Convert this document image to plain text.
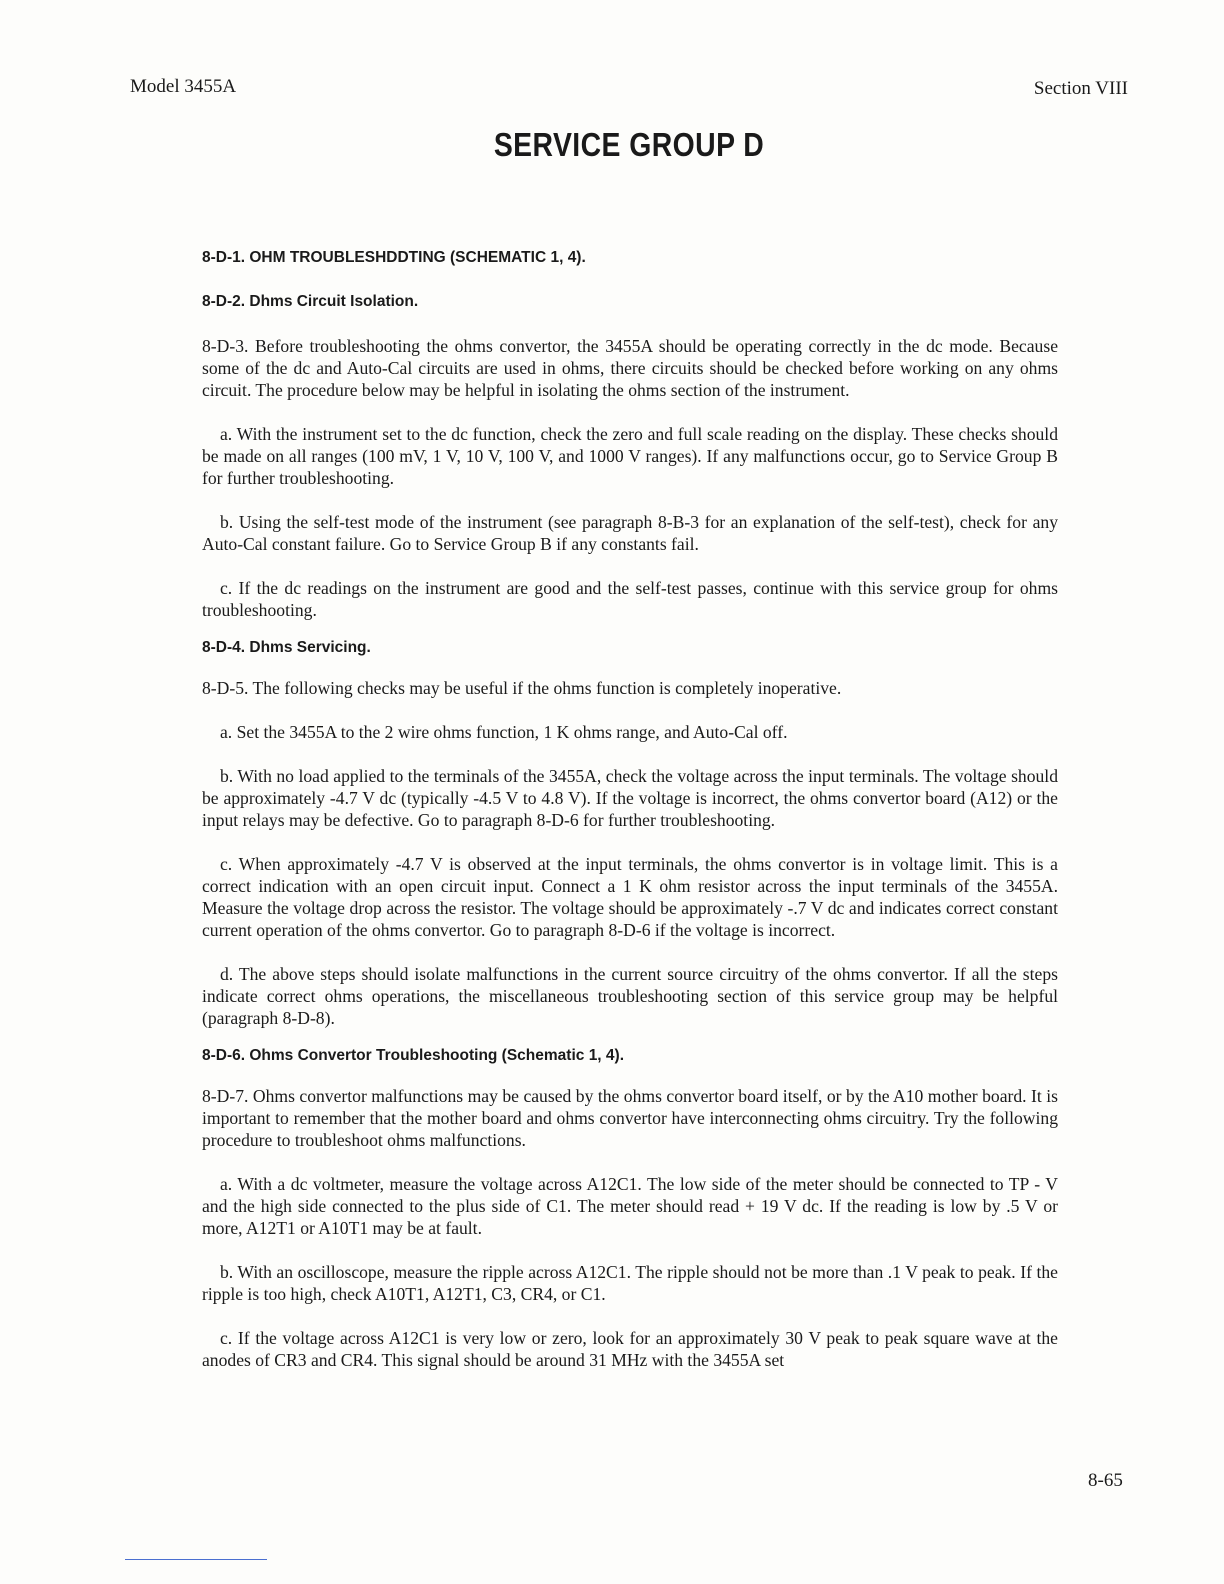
Model 3455A	Section VIII
SERVICE GROUP D
8-D-1. OHM TROUBLESHDDTING (SCHEMATIC 1, 4).
8-D-2. Dhms Circuit Isolation.

8-D-3. Before troubleshooting the ohms convertor, the 3455A should be operating correctly in the dc mode. Because some of the dc and Auto-Cal circuits are used in ohms, there circuits should be checked before working on any ohms circuit. The procedure below may be helpful in isolating the ohms section of the instrument.

a. With the instrument set to the dc function, check the zero and full scale reading on the display. These checks should be made on all ranges (100 mV, 1 V, 10 V, 100 V, and 1000 V ranges). If any malfunctions occur, go to Service Group B for further troubleshooting.

b. Using the self-test mode of the instrument (see paragraph 8-B-3 for an explanation of the self-test), check for any Auto-Cal constant failure. Go to Service Group B if any constants fail.

c. If the dc readings on the instrument are good and the self-test passes, continue with this service group for ohms troubleshooting.

8-D-4. Dhms Servicing.

8-D-5. The following checks may be useful if the ohms function is completely inoperative.

a. Set the 3455A to the 2 wire ohms function, 1 K ohms range, and Auto-Cal off.

b. With no load applied to the terminals of the 3455A, check the voltage across the input terminals. The voltage should be approximately -4.7 V dc (typically -4.5 V to 4.8 V). If the voltage is incorrect, the ohms convertor board (A12) or the input relays may be defective. Go to paragraph 8-D-6 for further troubleshooting.

c. When approximately -4.7 V is observed at the input terminals, the ohms convertor is in voltage limit. This is a correct indication with an open circuit input. Connect a 1 K ohm resistor across the input terminals of the 3455A. Measure the voltage drop across the resistor. The voltage should be approximately -.7 V dc and indicates correct constant current operation of the ohms convertor. Go to paragraph 8-D-6 if the voltage is incorrect.

d. The above steps should isolate malfunctions in the current source circuitry of the ohms convertor. If all the steps indicate correct ohms operations, the miscellaneous troubleshooting section of this service group may be helpful (paragraph 8-D-8).

8-D-6. Ohms Convertor Troubleshooting (Schematic 1, 4).

8-D-7. Ohms convertor malfunctions may be caused by the ohms convertor board itself, or by the A10 mother board. It is important to remember that the mother board and ohms convertor have interconnecting ohms circuitry. Try the following procedure to troubleshoot ohms malfunctions.

a. With a dc voltmeter, measure the voltage across A12C1. The low side of the meter should be connected to TP - V and the high side connected to the plus side of C1. The meter should read + 19 V dc. If the reading is low by .5 V or more, A12T1 or A10T1 may be at fault.

b. With an oscilloscope, measure the ripple across A12C1. The ripple should not be more than .1 V peak to peak. If the ripple is too high, check A10T1, A12T1, C3, CR4, or C1.

c. If the voltage across A12C1 is very low or zero, look for an approximately 30 V peak to peak square wave at the anodes of CR3 and CR4. This signal should be around 31 MHz with the 3455A set

8-65
